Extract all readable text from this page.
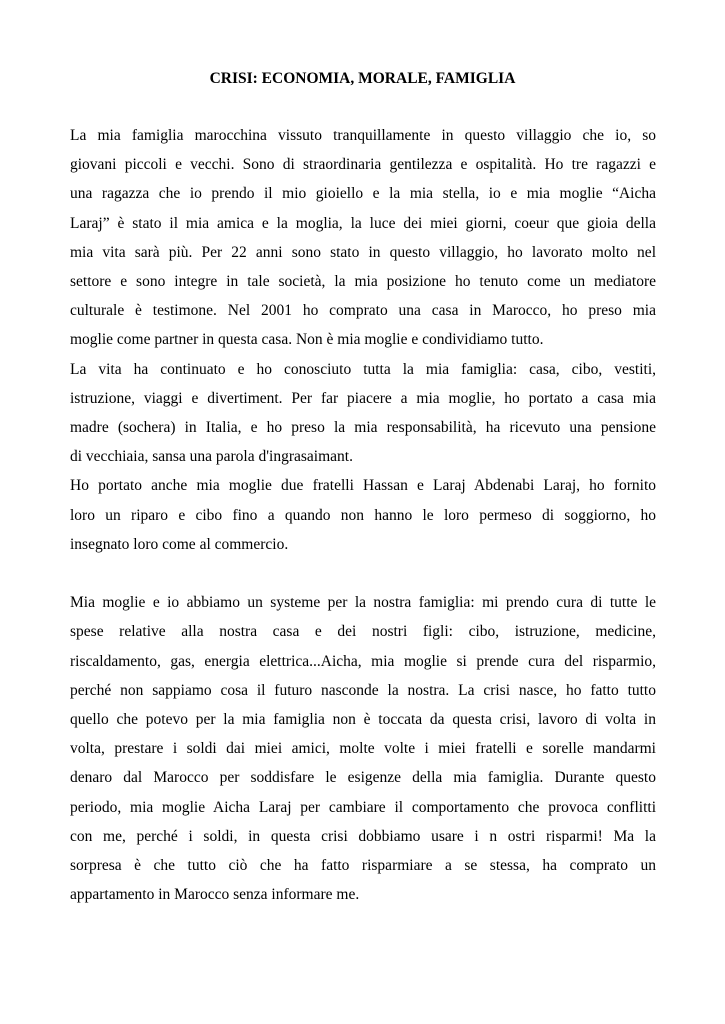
CRISI: ECONOMIA, MORALE, FAMIGLIA

La mia famiglia marocchina vissuto tranquillamente in questo villaggio che io, so
giovani piccoli e vecchi. Sono di straordinaria gentilezza e ospitalità. Ho tre ragazzi e
una ragazza che io prendo il mio gioiello e la mia stella, io e mia moglie “Aicha
Laraj” è stato il mia amica e la moglia, la luce dei miei giorni, coeur que gioia della
mia vita sarà più. Per 22 anni sono stato in questo villaggio, ho lavorato molto nel
settore e sono integre in tale società, la mia posizione ho tenuto come un mediatore
culturale è testimone. Nel 2001 ho comprato una casa in Marocco, ho preso mia
moglie come partner in questa casa. Non è mia moglie e condividiamo tutto.

La vita ha continuato e ho conosciuto tutta la mia famiglia: casa, cibo, vestiti,
istruzione, viaggi e divertiment. Per far piacere a mia moglie, ho portato a casa mia
madre (sochera) in Italia, e ho preso la mia responsabilità, ha ricevuto una pensione
di vecchiaia, sansa una parola d'ingrasaimant.

Ho portato anche mia moglie due fratelli Hassan e Laraj Abdenabi Laraj, ho fornito
loro un riparo e cibo fino a quando non hanno le loro permeso di soggiorno, ho
insegnato loro come al commercio.

Mia moglie e io abbiamo un systeme per la nostra famiglia: mi prendo cura di tutte le
spese relative alla nostra casa e dei nostri figli: cibo, istruzione, medicine,
riscaldamento, gas, energia elettrica...Aicha, mia moglie si prende cura del risparmio,
perché non sappiamo cosa il futuro nasconde la nostra. La crisi nasce, ho fatto tutto
quello che potevo per la mia famiglia non è toccata da questa crisi, lavoro di volta in
volta, prestare i soldi dai miei amici, molte volte i miei fratelli e sorelle mandarmi
denaro dal Marocco per soddisfare le esigenze della mia famiglia. Durante questo
periodo, mia moglie Aicha Laraj per cambiare il comportamento che provoca conflitti
con me, perché i soldi, in questa crisi dobbiamo usare i n ostri risparmi! Ma la
sorpresa è che tutto ciò che ha fatto risparmiare a se stessa, ha comprato un
appartamento in Marocco senza informare me.
